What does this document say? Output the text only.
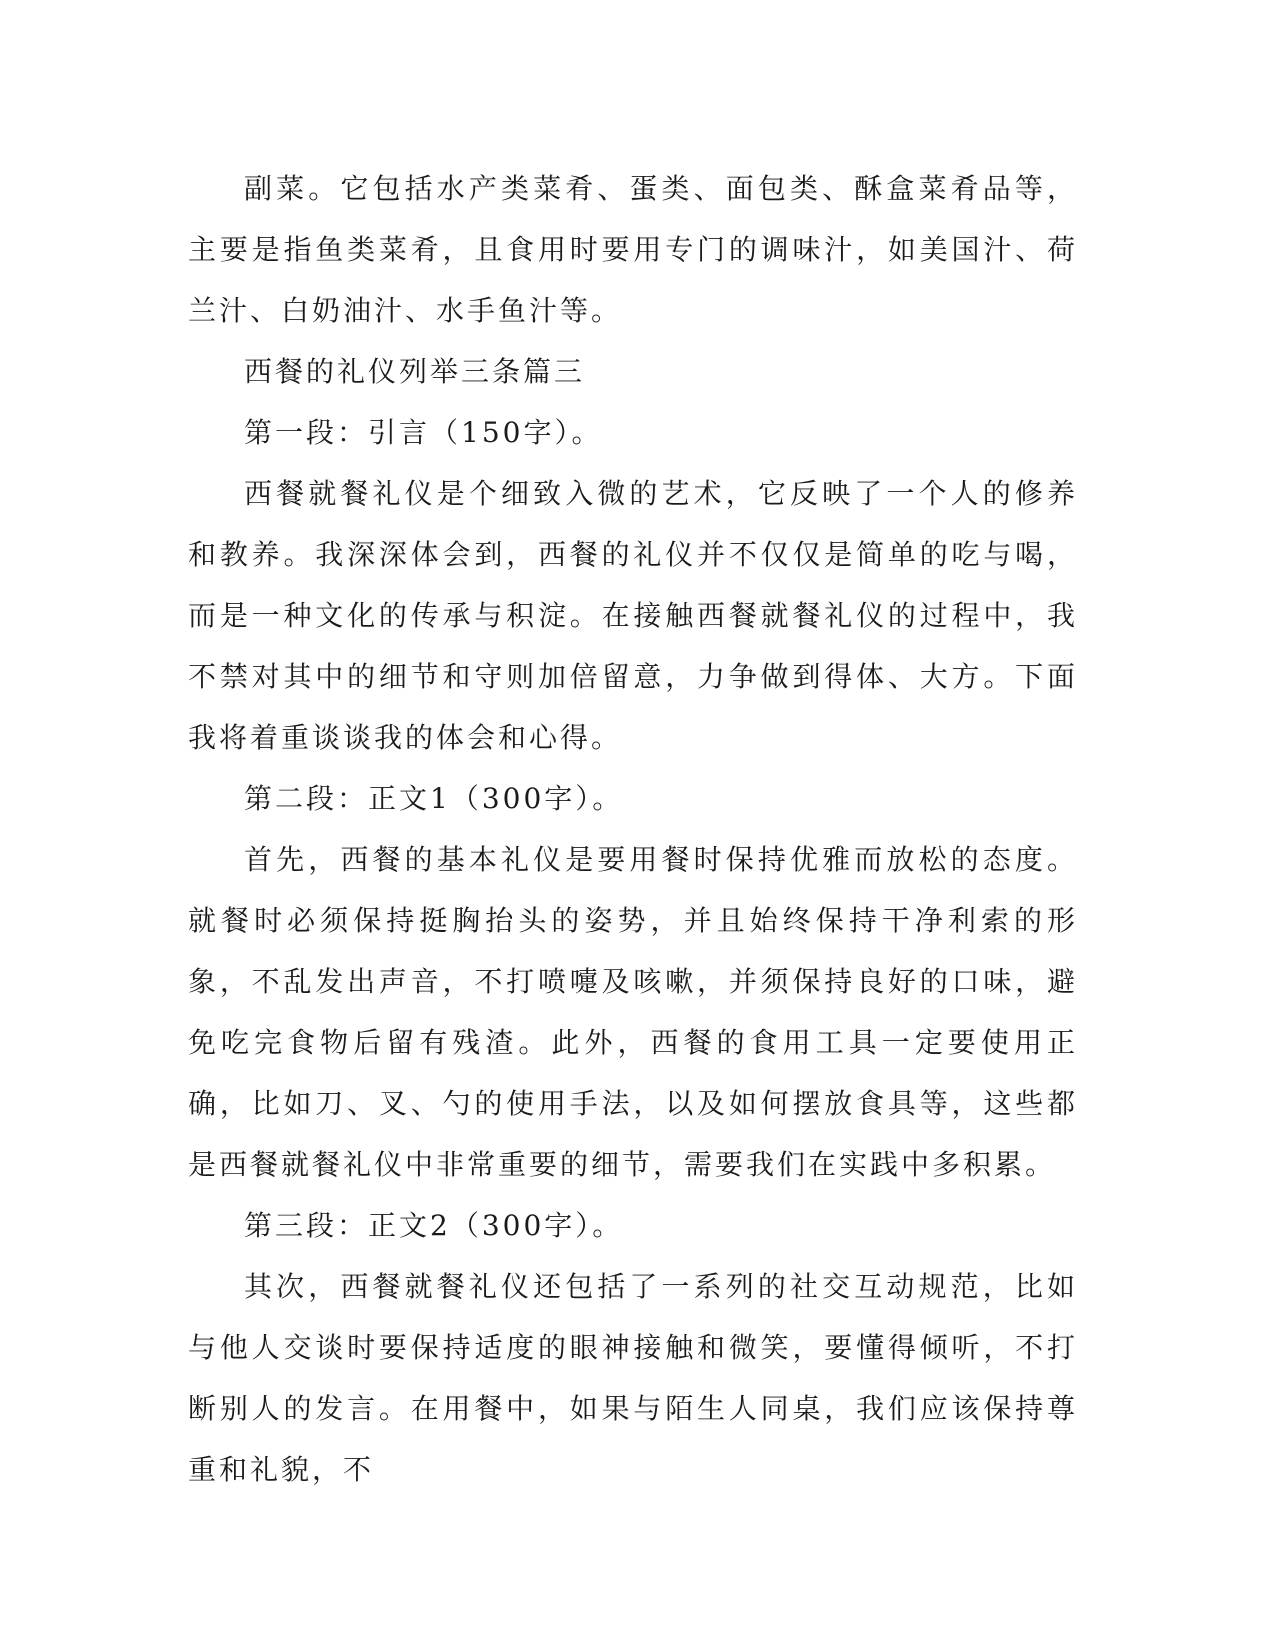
副菜。它包括水产类菜肴、蛋类、面包类、酥盒菜肴品等，主要是指鱼类菜肴，且食用时要用专门的调味汁，如美国汁、荷兰汁、白奶油汁、水手鱼汁等。

西餐的礼仪列举三条篇三

第一段：引言（150字）。

西餐就餐礼仪是个细致入微的艺术，它反映了一个人的修养和教养。我深深体会到，西餐的礼仪并不仅仅是简单的吃与喝，而是一种文化的传承与积淀。在接触西餐就餐礼仪的过程中，我不禁对其中的细节和守则加倍留意，力争做到得体、大方。下面我将着重谈谈我的体会和心得。

第二段：正文1（300字）。

首先，西餐的基本礼仪是要用餐时保持优雅而放松的态度。就餐时必须保持挺胸抬头的姿势，并且始终保持干净利索的形象，不乱发出声音，不打喷嚏及咳嗽，并须保持良好的口味，避免吃完食物后留有残渣。此外，西餐的食用工具一定要使用正确，比如刀、叉、勺的使用手法，以及如何摆放食具等，这些都是西餐就餐礼仪中非常重要的细节，需要我们在实践中多积累。

第三段：正文2（300字）。

其次，西餐就餐礼仪还包括了一系列的社交互动规范，比如与他人交谈时要保持适度的眼神接触和微笑，要懂得倾听，不打断别人的发言。在用餐中，如果与陌生人同桌，我们应该保持尊重和礼貌，不
